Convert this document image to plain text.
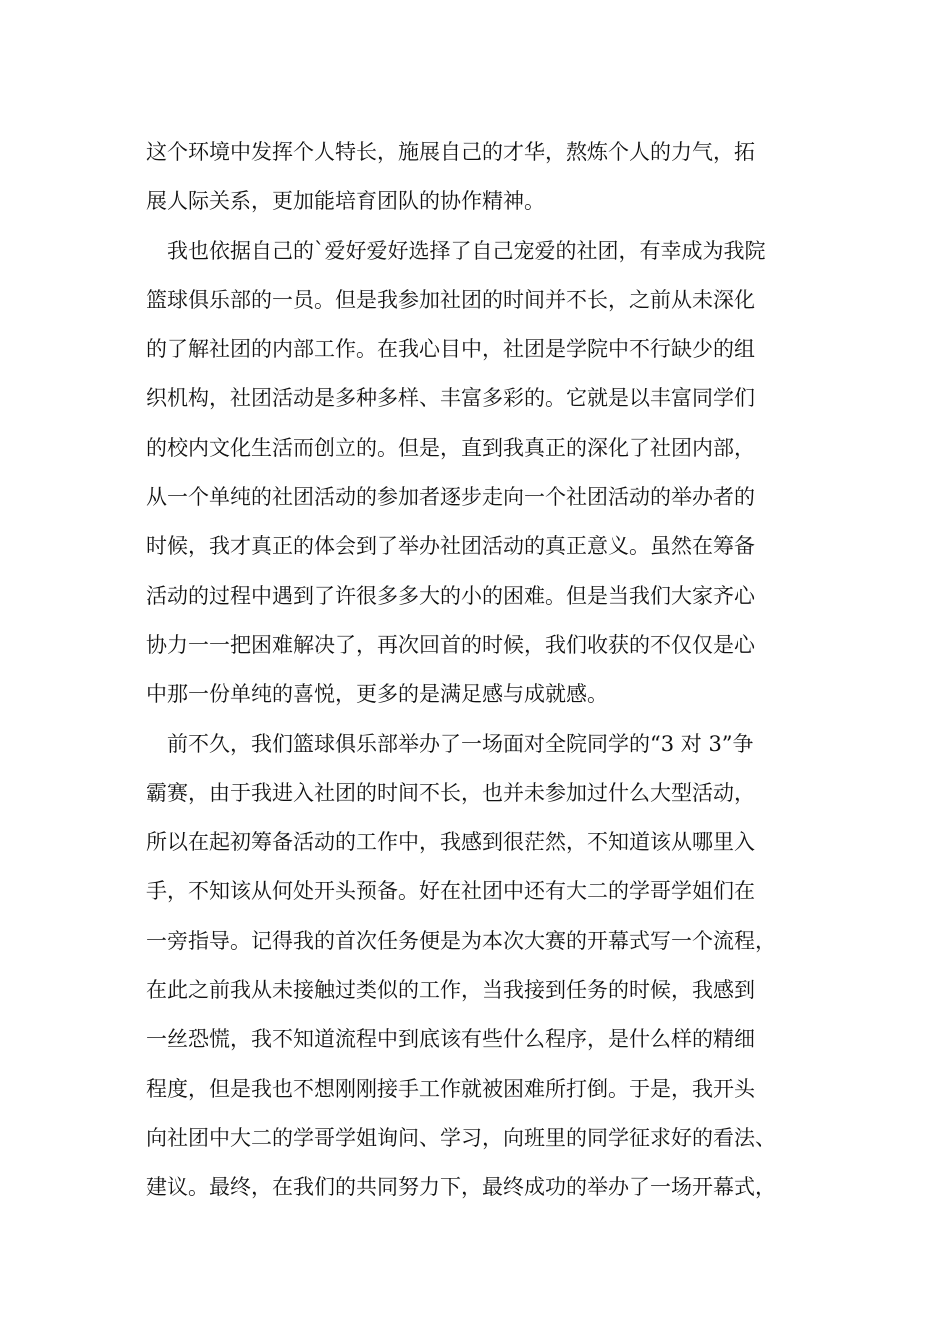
这个环境中发挥个人特长，施展自己的才华，熬炼个人的力气，拓
展人际关系，更加能培育团队的协作精神。
　我也依据自己的`爱好爱好选择了自己宠爱的社团，有幸成为我院
篮球俱乐部的一员。但是我参加社团的时间并不长，之前从未深化
的了解社团的内部工作。在我心目中，社团是学院中不行缺少的组
织机构，社团活动是多种多样、丰富多彩的。它就是以丰富同学们
的校内文化生活而创立的。但是，直到我真正的深化了社团内部，
从一个单纯的社团活动的参加者逐步走向一个社团活动的举办者的
时候，我才真正的体会到了举办社团活动的真正意义。虽然在筹备
活动的过程中遇到了许很多多大的小的困难。但是当我们大家齐心
协力一一把困难解决了，再次回首的时候，我们收获的不仅仅是心
中那一份单纯的喜悦，更多的是满足感与成就感。
　前不久，我们篮球俱乐部举办了一场面对全院同学的“3 对 3”争
霸赛，由于我进入社团的时间不长，也并未参加过什么大型活动，
所以在起初筹备活动的工作中，我感到很茫然，不知道该从哪里入
手，不知该从何处开头预备。好在社团中还有大二的学哥学姐们在
一旁指导。记得我的首次任务便是为本次大赛的开幕式写一个流程，
在此之前我从未接触过类似的工作，当我接到任务的时候，我感到
一丝恐慌，我不知道流程中到底该有些什么程序，是什么样的精细
程度，但是我也不想刚刚接手工作就被困难所打倒。于是，我开头
向社团中大二的学哥学姐询问、学习，向班里的同学征求好的看法、
建议。最终，在我们的共同努力下，最终成功的举办了一场开幕式，
